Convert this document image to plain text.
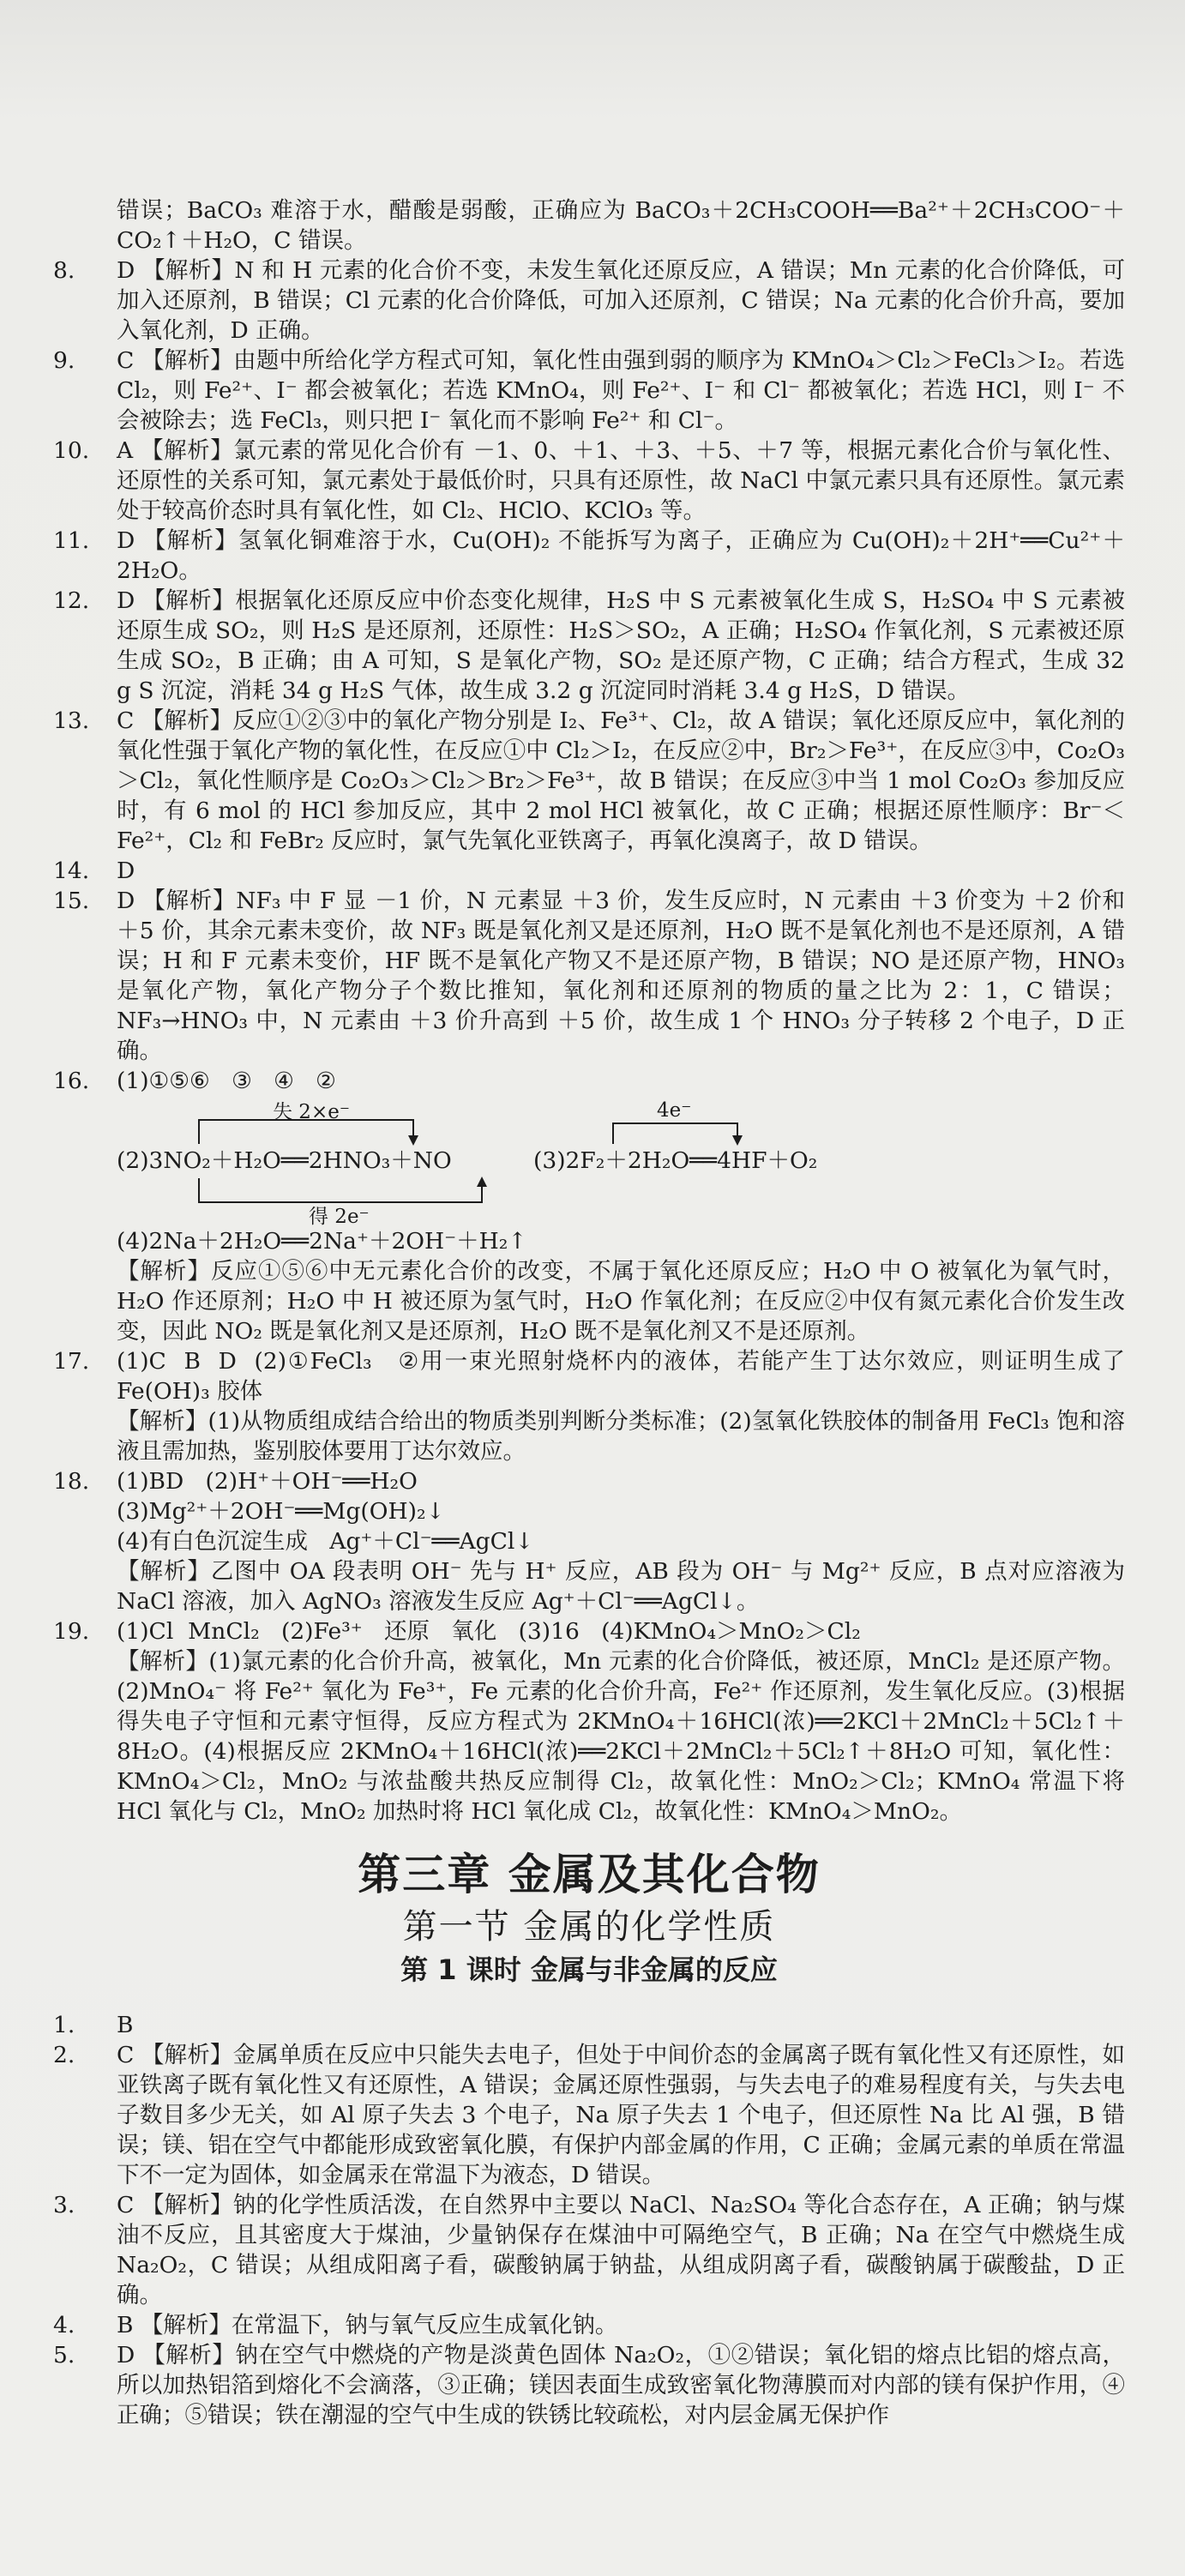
错误；BaCO₃ 难溶于水，醋酸是弱酸，正确应为 BaCO₃＋2CH₃COOH══Ba²⁺＋2CH₃COO⁻＋CO₂↑＋H₂O，C 错误。

8.	D 【解析】N 和 H 元素的化合价不变，未发生氧化还原反应，A 错误；Mn 元素的化合价降低，可加入还原剂，B 错误；Cl 元素的化合价降低，可加入还原剂，C 错误；Na 元素的化合价升高，要加入氧化剂，D 正确。

9.	C 【解析】由题中所给化学方程式可知，氧化性由强到弱的顺序为 KMnO₄＞Cl₂＞FeCl₃＞I₂。若选 Cl₂，则 Fe²⁺、I⁻ 都会被氧化；若选 KMnO₄，则 Fe²⁺、I⁻ 和 Cl⁻ 都被氧化；若选 HCl，则 I⁻ 不会被除去；选 FeCl₃，则只把 I⁻ 氧化而不影响 Fe²⁺ 和 Cl⁻。

10.	A 【解析】氯元素的常见化合价有 －1、0、＋1、＋3、＋5、＋7 等，根据元素化合价与氧化性、还原性的关系可知，氯元素处于最低价时，只具有还原性，故 NaCl 中氯元素只具有还原性。氯元素处于较高价态时具有氧化性，如 Cl₂、HClO、KClO₃ 等。

11.	D 【解析】氢氧化铜难溶于水，Cu(OH)₂ 不能拆写为离子，正确应为 Cu(OH)₂＋2H⁺══Cu²⁺＋2H₂O。

12.	D 【解析】根据氧化还原反应中价态变化规律，H₂S 中 S 元素被氧化生成 S，H₂SO₄ 中 S 元素被还原生成 SO₂，则 H₂S 是还原剂，还原性：H₂S＞SO₂，A 正确；H₂SO₄ 作氧化剂，S 元素被还原生成 SO₂，B 正确；由 A 可知，S 是氧化产物，SO₂ 是还原产物，C 正确；结合方程式，生成 32 g S 沉淀，消耗 34 g H₂S 气体，故生成 3.2 g 沉淀同时消耗 3.4 g H₂S，D 错误。

13.	C 【解析】反应①②③中的氧化产物分别是 I₂、Fe³⁺、Cl₂，故 A 错误；氧化还原反应中，氧化剂的氧化性强于氧化产物的氧化性，在反应①中 Cl₂＞I₂，在反应②中，Br₂＞Fe³⁺，在反应③中，Co₂O₃＞Cl₂，氧化性顺序是 Co₂O₃＞Cl₂＞Br₂＞Fe³⁺，故 B 错误；在反应③中当 1 mol Co₂O₃ 参加反应时，有 6 mol 的 HCl 参加反应，其中 2 mol HCl 被氧化，故 C 正确；根据还原性顺序：Br⁻＜Fe²⁺，Cl₂ 和 FeBr₂ 反应时，氯气先氧化亚铁离子，再氧化溴离子，故 D 错误。

14.	D

15.	D 【解析】NF₃ 中 F 显 －1 价，N 元素显 ＋3 价，发生反应时，N 元素由 ＋3 价变为 ＋2 价和 ＋5 价，其余元素未变价，故 NF₃ 既是氧化剂又是还原剂，H₂O 既不是氧化剂也不是还原剂，A 错误；H 和 F 元素未变价，HF 既不是氧化产物又不是还原产物，B 错误；NO 是还原产物，HNO₃ 是氧化产物，氧化产物分子个数比推知，氧化剂和还原剂的物质的量之比为 2：1，C 错误；NF₃→HNO₃ 中，N 元素由 ＋3 价升高到 ＋5 价，故生成 1 个 HNO₃ 分子转移 2 个电子，D 正确。

16.	(1)①⑤⑥   ③   ④   ②

失 2×e⁻
(2)3NO₂＋H₂O══2HNO₃＋NO
得 2e⁻
4e⁻
(3)2F₂＋2H₂O══4HF＋O₂

(4)2Na＋2H₂O══2Na⁺＋2OH⁻＋H₂↑

【解析】反应①⑤⑥中无元素化合价的改变，不属于氧化还原反应；H₂O 中 O 被氧化为氧气时，H₂O 作还原剂；H₂O 中 H 被还原为氢气时，H₂O 作氧化剂；在反应②中仅有氮元素化合价发生改变，因此 NO₂ 既是氧化剂又是还原剂，H₂O 既不是氧化剂又不是还原剂。

17.	(1)C  B  D  (2)①FeCl₃   ②用一束光照射烧杯内的液体，若能产生丁达尔效应，则证明生成了 Fe(OH)₃ 胶体

【解析】(1)从物质组成结合给出的物质类别判断分类标准；(2)氢氧化铁胶体的制备用 FeCl₃ 饱和溶液且需加热，鉴别胶体要用丁达尔效应。

18.	(1)BD   (2)H⁺＋OH⁻══H₂O

(3)Mg²⁺＋2OH⁻══Mg(OH)₂↓

(4)有白色沉淀生成   Ag⁺＋Cl⁻══AgCl↓

【解析】乙图中 OA 段表明 OH⁻ 先与 H⁺ 反应，AB 段为 OH⁻ 与 Mg²⁺ 反应，B 点对应溶液为 NaCl 溶液，加入 AgNO₃ 溶液发生反应 Ag⁺＋Cl⁻══AgCl↓。

19.	(1)Cl  MnCl₂   (2)Fe³⁺   还原   氧化   (3)16   (4)KMnO₄＞MnO₂＞Cl₂

【解析】(1)氯元素的化合价升高，被氧化，Mn 元素的化合价降低，被还原，MnCl₂ 是还原产物。(2)MnO₄⁻ 将 Fe²⁺ 氧化为 Fe³⁺，Fe 元素的化合价升高，Fe²⁺ 作还原剂，发生氧化反应。(3)根据得失电子守恒和元素守恒得，反应方程式为 2KMnO₄＋16HCl(浓)══2KCl＋2MnCl₂＋5Cl₂↑＋8H₂O。(4)根据反应 2KMnO₄＋16HCl(浓)══2KCl＋2MnCl₂＋5Cl₂↑＋8H₂O 可知，氧化性：KMnO₄＞Cl₂，MnO₂ 与浓盐酸共热反应制得 Cl₂，故氧化性：MnO₂＞Cl₂；KMnO₄ 常温下将 HCl 氧化与 Cl₂，MnO₂ 加热时将 HCl 氧化成 Cl₂，故氧化性：KMnO₄＞MnO₂。

第三章 金属及其化合物
第一节 金属的化学性质
第 1 课时 金属与非金属的反应
1.	B

2.	C 【解析】金属单质在反应中只能失去电子，但处于中间价态的金属离子既有氧化性又有还原性，如亚铁离子既有氧化性又有还原性，A 错误；金属还原性强弱，与失去电子的难易程度有关，与失去电子数目多少无关，如 Al 原子失去 3 个电子，Na 原子失去 1 个电子，但还原性 Na 比 Al 强，B 错误；镁、铝在空气中都能形成致密氧化膜，有保护内部金属的作用，C 正确；金属元素的单质在常温下不一定为固体，如金属汞在常温下为液态，D 错误。

3.	C 【解析】钠的化学性质活泼，在自然界中主要以 NaCl、Na₂SO₄ 等化合态存在，A 正确；钠与煤油不反应，且其密度大于煤油，少量钠保存在煤油中可隔绝空气，B 正确；Na 在空气中燃烧生成 Na₂O₂，C 错误；从组成阳离子看，碳酸钠属于钠盐，从组成阴离子看，碳酸钠属于碳酸盐，D 正确。

4.	B 【解析】在常温下，钠与氧气反应生成氧化钠。

5.	D 【解析】钠在空气中燃烧的产物是淡黄色固体 Na₂O₂，①②错误；氧化铝的熔点比铝的熔点高，所以加热铝箔到熔化不会滴落，③正确；镁因表面生成致密氧化物薄膜而对内部的镁有保护作用，④正确；⑤错误；铁在潮湿的空气中生成的铁锈比较疏松，对内层金属无保护作
